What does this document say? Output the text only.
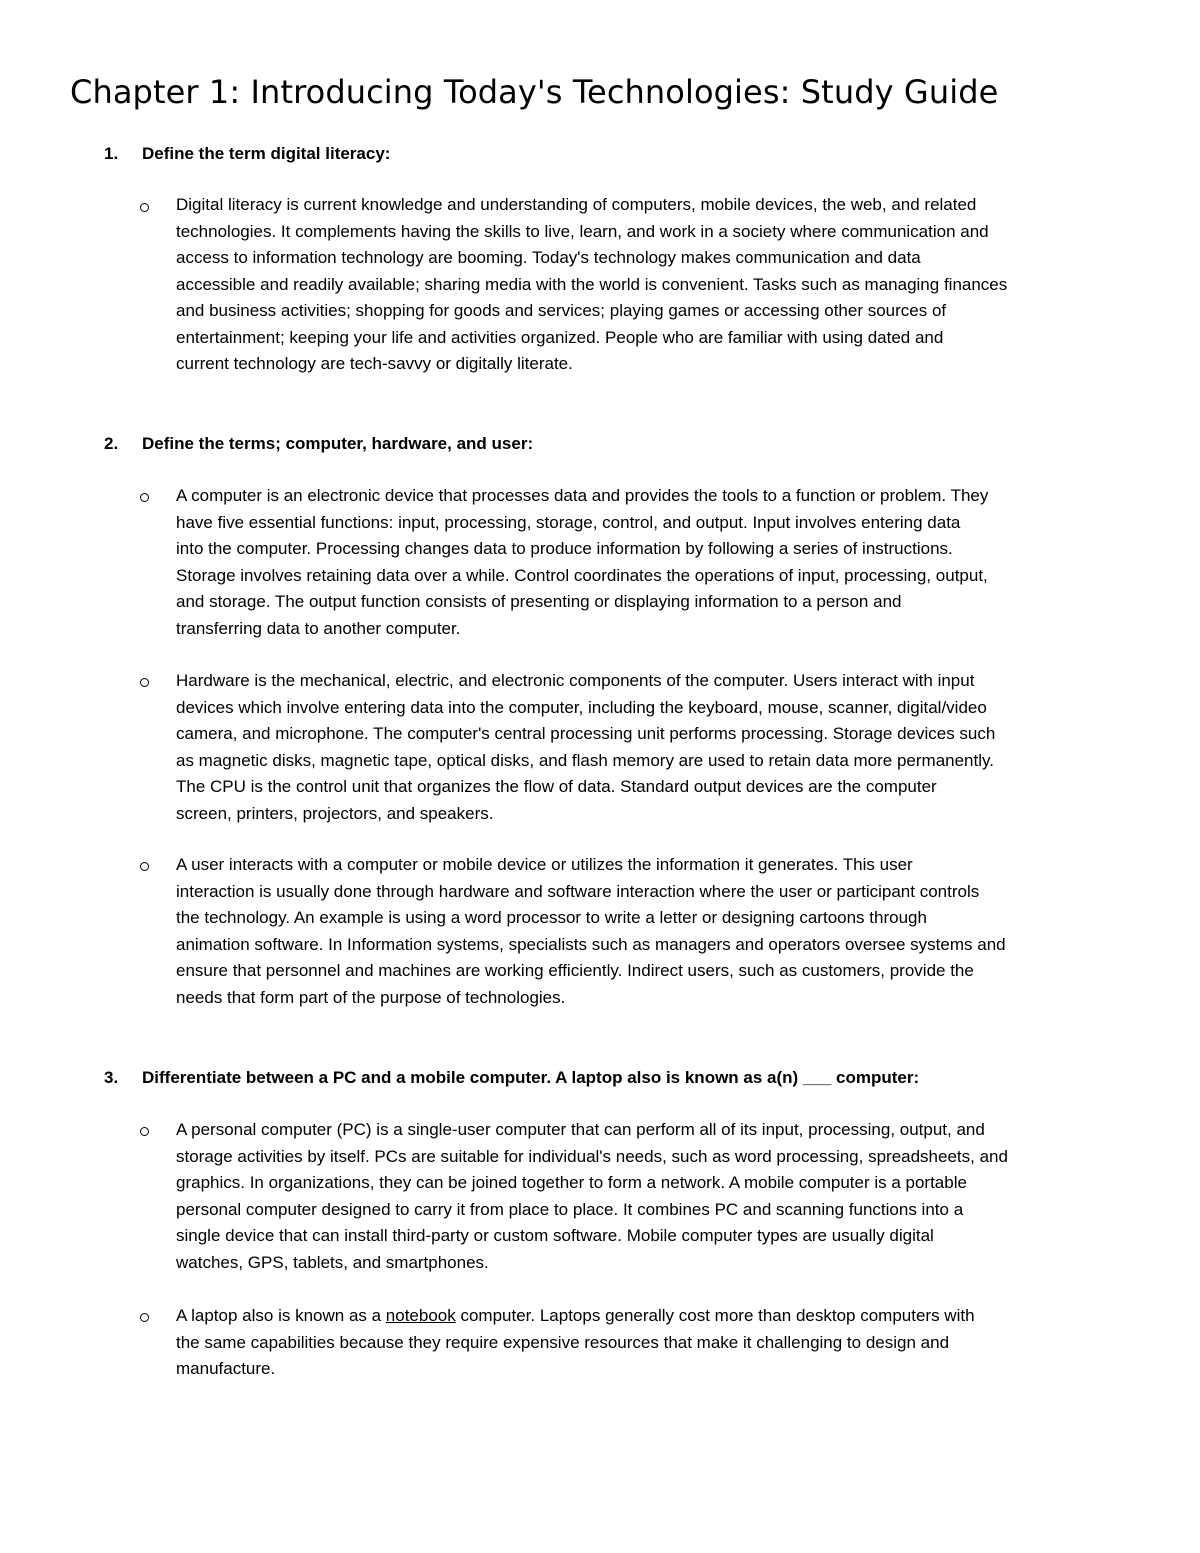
Chapter 1: Introducing Today's Technologies: Study Guide
1. Define the term digital literacy:
Digital literacy is current knowledge and understanding of computers, mobile devices, the web, and related
technologies. It complements having the skills to live, learn, and work in a society where communication and
access to information technology are booming. Today's technology makes communication and data
accessible and readily available; sharing media with the world is convenient. Tasks such as managing finances
and business activities; shopping for goods and services; playing games or accessing other sources of
entertainment; keeping your life and activities organized. People who are familiar with using dated and
current technology are tech-savvy or digitally literate.
2. Define the terms; computer, hardware, and user:
A computer is an electronic device that processes data and provides the tools to a function or problem. They
have five essential functions: input, processing, storage, control, and output. Input involves entering data
into the computer. Processing changes data to produce information by following a series of instructions.
Storage involves retaining data over a while. Control coordinates the operations of input, processing, output,
and storage. The output function consists of presenting or displaying information to a person and
transferring data to another computer.
Hardware is the mechanical, electric, and electronic components of the computer. Users interact with input
devices which involve entering data into the computer, including the keyboard, mouse, scanner, digital/video
camera, and microphone. The computer's central processing unit performs processing. Storage devices such
as magnetic disks, magnetic tape, optical disks, and flash memory are used to retain data more permanently.
The CPU is the control unit that organizes the flow of data. Standard output devices are the computer
screen, printers, projectors, and speakers.
A user interacts with a computer or mobile device or utilizes the information it generates. This user
interaction is usually done through hardware and software interaction where the user or participant controls
the technology. An example is using a word processor to write a letter or designing cartoons through
animation software. In Information systems, specialists such as managers and operators oversee systems and
ensure that personnel and machines are working efficiently. Indirect users, such as customers, provide the
needs that form part of the purpose of technologies.
3. Differentiate between a PC and a mobile computer. A laptop also is known as a(n) ___ computer:
A personal computer (PC) is a single-user computer that can perform all of its input, processing, output, and
storage activities by itself. PCs are suitable for individual's needs, such as word processing, spreadsheets, and
graphics. In organizations, they can be joined together to form a network. A mobile computer is a portable
personal computer designed to carry it from place to place. It combines PC and scanning functions into a
single device that can install third-party or custom software. Mobile computer types are usually digital
watches, GPS, tablets, and smartphones.
A laptop also is known as a notebook computer. Laptops generally cost more than desktop computers with
the same capabilities because they require expensive resources that make it challenging to design and
manufacture.
